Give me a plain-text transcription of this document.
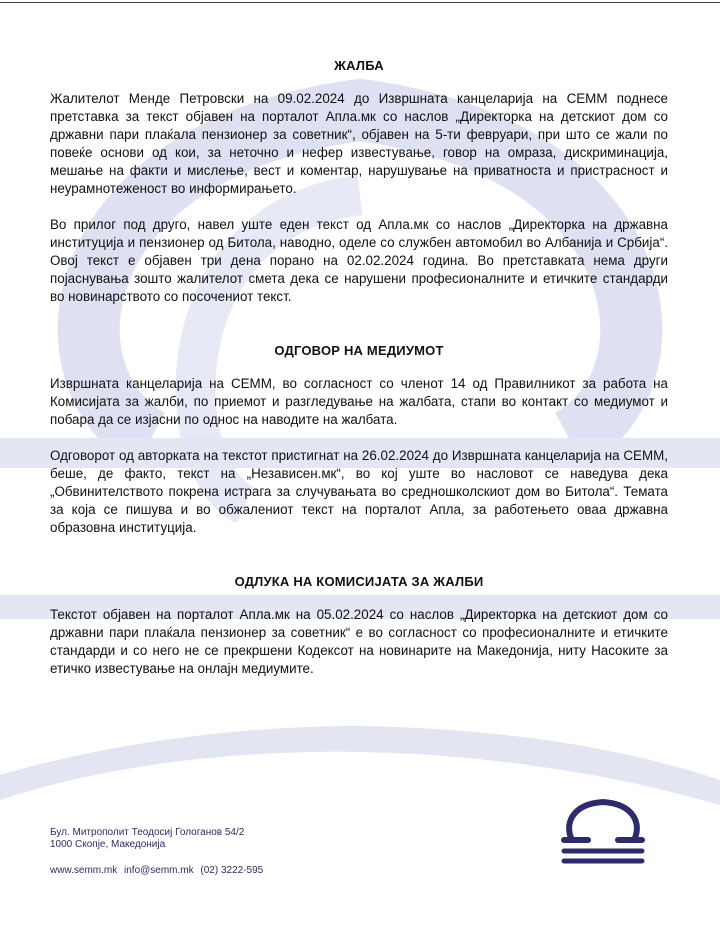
ЖАЛБА

Жалителот Менде Петровски на 09.02.2024 до Извршната канцеларија на СЕММ поднесе претставка за текст објавен на порталот Апла.мк со наслов „Директорка на детскиот дом со државни пари плаќала пензионер за советник“, објавен на 5-ти февруари, при што се жали по повеќе основи од кои, за неточно и нефер известување, говор на омраза, дискриминација, мешање на факти и мислење, вест и коментар, нарушување на приватноста и пристрасност и неурамнотеженост во информирањето.

Во прилог под друго, навел уште еден текст од Апла.мк со наслов „Директорка на државна институција и пензионер од Битола, наводно, оделе со службен автомобил во Албанија и Србија“. Овој текст е објавен три дена порано на 02.02.2024 година. Во претставката нема други појаснувања зошто жалителот смета дека се нарушени професионалните и етичките стандарди во новинарството со посочениот текст.

ОДГОВОР НА МЕДИУМОТ

Извршната канцеларија на СЕММ, во согласност со членот 14 од Правилникот за работа на Комисијата за жалби, по приемот и разгледување на жалбата, стапи во контакт со медиумот и побара да се изјасни по однос на наводите на жалбата.

Одговорот од авторката на текстот пристигнат на 26.02.2024 до Извршната канцеларија на СЕММ, беше, де факто, текст на „Независен.мк“, во кој уште во насловот се наведува дека „Обвинителството покрена истрага за случувањата во средношколскиот дом во Битола“. Темата за која се пишува и во обжалениот текст на порталот Апла, за работењето оваа државна образовна институција.

ОДЛУКА НА КОМИСИЈАТА ЗА ЖАЛБИ

Текстот објавен на порталот Апла.мк на 05.02.2024 со наслов „Директорка на детскиот дом со државни пари плаќала пензионер за советник“ е во согласност со професионалните и етичките стандарди и со него не се прекршени Кодексот на новинарите на Македонија, ниту Насоките за етичко известување на онлајн медиумите.

Бул. Митрополит Теодосиј Гологанов 54/2
1000 Скопје, Македонија
www.semm.mk info@semm.mk (02) 3222-595
